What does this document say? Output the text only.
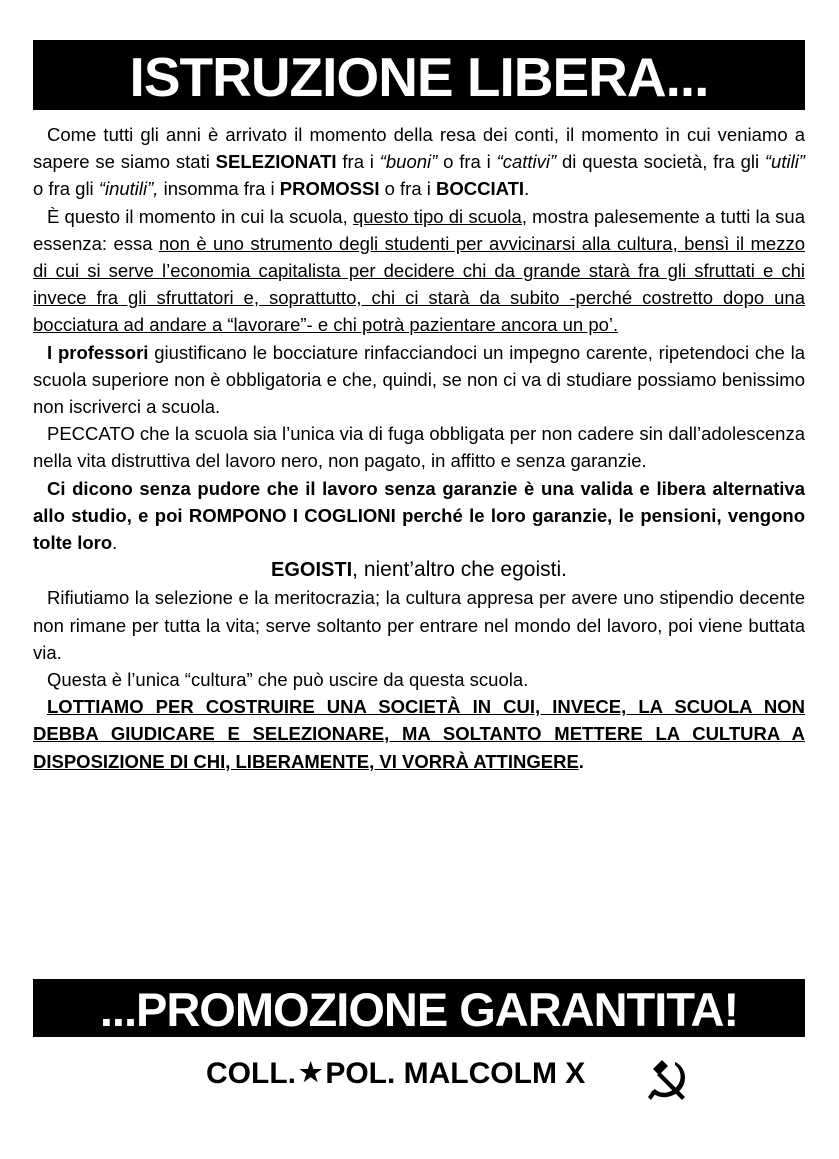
ISTRUZIONE LIBERA...

Come tutti gli anni è arrivato il momento della resa dei conti, il momento in cui veniamo a sapere se siamo stati SELEZIONATI fra i “buoni” o fra i “cattivi” di questa società, fra gli “utili” o fra gli “inutili”, insomma fra i PROMOSSI o fra i BOCCIATI.

È questo il momento in cui la scuola, questo tipo di scuola, mostra palesemente a tutti la sua essenza: essa non è uno strumento degli studenti per avvicinarsi alla cultura, bensì il mezzo di cui si serve l’economia capitalista per decidere chi da grande starà fra gli sfruttati e chi invece fra gli sfruttatori e, soprattutto, chi ci starà da subito -perché costretto dopo una bocciatura ad andare a “lavorare”- e chi potrà pazientare ancora un po’.

I professori giustificano le bocciature rinfacciandoci un impegno carente, ripetendoci che la scuola superiore non è obbligatoria e che, quindi, se non ci va di studiare possiamo benissimo non iscriverci a scuola.

PECCATO che la scuola sia l’unica via di fuga obbligata per non cadere sin dall’adolescenza nella vita distruttiva del lavoro nero, non pagato, in affitto e senza garanzie.

Ci dicono senza pudore che il lavoro senza garanzie è una valida e libera alternativa allo studio, e poi ROMPONO I COGLIONI perché le loro garanzie, le pensioni, vengono tolte loro.

EGOISTI, nient’altro che egoisti.

Rifiutiamo la selezione e la meritocrazia; la cultura appresa per avere uno stipendio decente non rimane per tutta la vita; serve soltanto per entrare nel mondo del lavoro, poi viene buttata via.

Questa è l’unica “cultura” che può uscire da questa scuola.

LOTTIAMO PER COSTRUIRE UNA SOCIETÀ IN CUI, INVECE, LA SCUOLA NON DEBBA GIUDICARE E SELEZIONARE, MA SOLTANTO METTERE LA CULTURA A DISPOSIZIONE DI CHI, LIBERAMENTE, VI VORRÀ ATTINGERE.

...PROMOZIONE GARANTITA!
COLL. ★ POL. MALCOLM X
